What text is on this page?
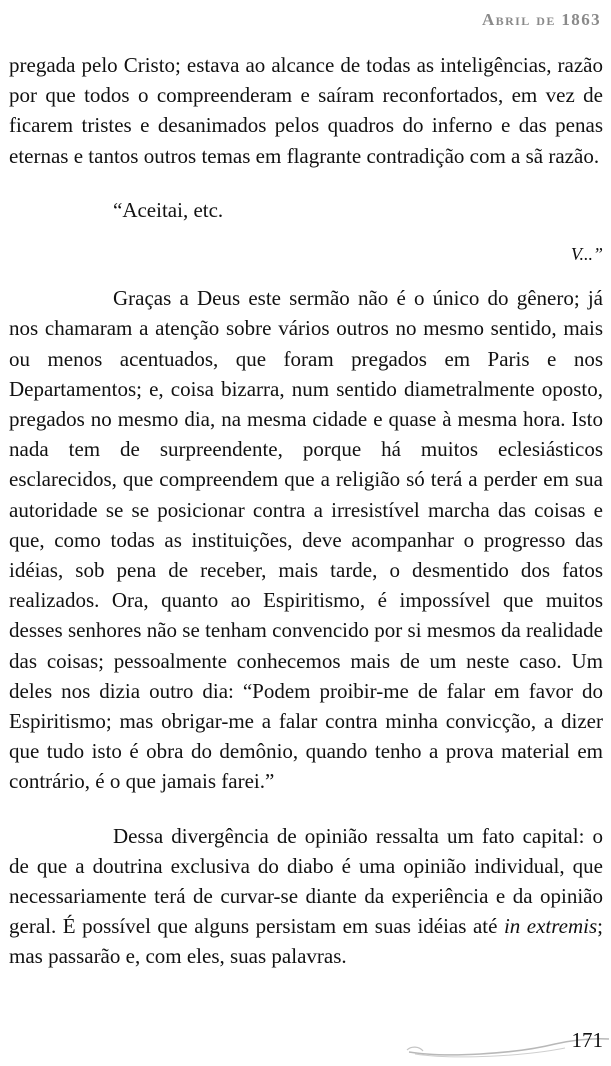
Abril de 1863

pregada pelo Cristo; estava ao alcance de todas as inteligências, razão por que todos o compreenderam e saíram reconfortados, em vez de ficarem tristes e desanimados pelos quadros do inferno e das penas eternas e tantos outros temas em flagrante contradição com a sã razão.

“Aceitai, etc.

V...”

Graças a Deus este sermão não é o único do gênero; já nos chamaram a atenção sobre vários outros no mesmo sentido, mais ou menos acentuados, que foram pregados em Paris e nos Departamentos; e, coisa bizarra, num sentido diametralmente oposto, pregados no mesmo dia, na mesma cidade e quase à mesma hora. Isto nada tem de surpreendente, porque há muitos eclesiásticos esclarecidos, que compreendem que a religião só terá a perder em sua autoridade se se posicionar contra a irresistível marcha das coisas e que, como todas as instituições, deve acompanhar o progresso das idéias, sob pena de receber, mais tarde, o desmentido dos fatos realizados. Ora, quanto ao Espiritismo, é impossível que muitos desses senhores não se tenham convencido por si mesmos da realidade das coisas; pessoalmente conhecemos mais de um neste caso. Um deles nos dizia outro dia: “Podem proibir-me de falar em favor do Espiritismo; mas obrigar-me a falar contra minha convicção, a dizer que tudo isto é obra do demônio, quando tenho a prova material em contrário, é o que jamais farei.”

Dessa divergência de opinião ressalta um fato capital: o de que a doutrina exclusiva do diabo é uma opinião individual, que necessariamente terá de curvar-se diante da experiência e da opinião geral. É possível que alguns persistam em suas idéias até in extremis; mas passarão e, com eles, suas palavras.

171
